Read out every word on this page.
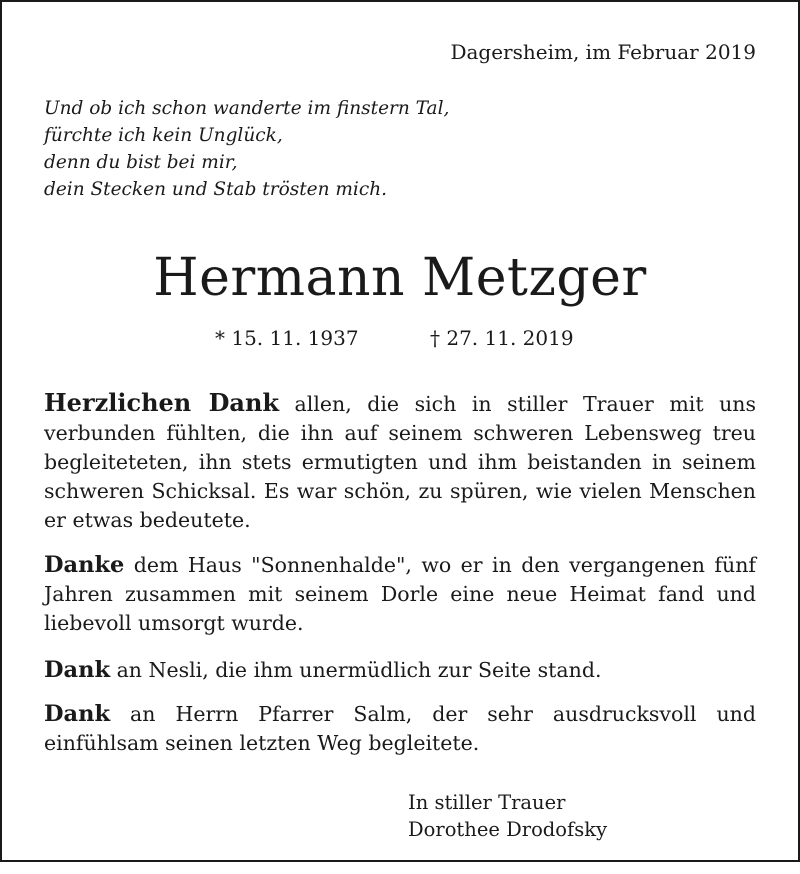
Dagersheim, im Februar 2019
Und ob ich schon wanderte im finstern Tal,
fürchte ich kein Unglück,
denn du bist bei mir,
dein Stecken und Stab trösten mich.
Hermann Metzger
* 15. 11. 1937	† 27. 11. 2019
Herzlichen Dank allen, die sich in stiller Trauer mit uns verbunden fühlten, die ihn auf seinem schweren Lebensweg treu begleiteteten, ihn stets ermutigten und ihm beistanden in seinem schweren Schicksal. Es war schön, zu spüren, wie vielen Menschen er etwas bedeutete.
Danke dem Haus "Sonnenhalde", wo er in den vergangenen fünf Jahren zusammen mit seinem Dorle eine neue Heimat fand und liebevoll umsorgt wurde.
Dank an Nesli, die ihm unermüdlich zur Seite stand.
Dank an Herrn Pfarrer Salm, der sehr ausdrucksvoll und einfühlsam seinen letzten Weg begleitete.
In stiller Trauer
Dorothee Drodofsky
